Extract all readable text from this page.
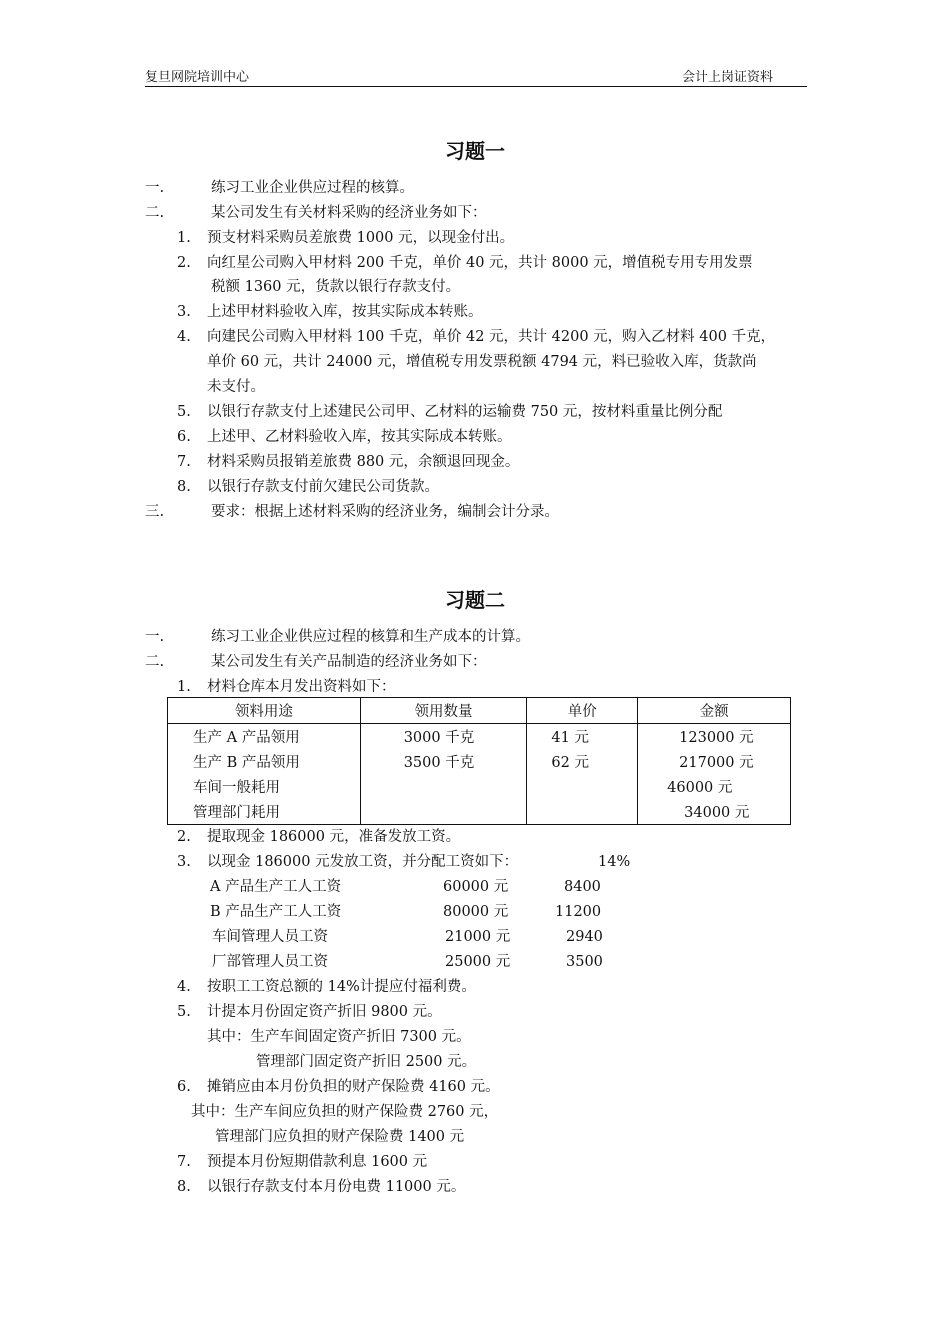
复旦网院培训中心	会计上岗证资料
习题一
一.	练习工业企业供应过程的核算。
二.	某公司发生有关材料采购的经济业务如下：
1. 预支材料采购员差旅费 1000 元，以现金付出。
2. 向红星公司购入甲材料 200 千克，单价 40 元，共计 8000 元，增值税专用专用发票
税额 1360 元，货款以银行存款支付。
3. 上述甲材料验收入库，按其实际成本转账。
4. 向建民公司购入甲材料 100 千克，单价 42 元，共计 4200 元，购入乙材料 400 千克，
单价 60 元，共计 24000 元，增值税专用发票税额 4794 元，料已验收入库，货款尚
未支付。
5. 以银行存款支付上述建民公司甲、乙材料的运输费 750 元，按材料重量比例分配
6. 上述甲、乙材料验收入库，按其实际成本转账。
7. 材料采购员报销差旅费 880 元，余额退回现金。
8. 以银行存款支付前欠建民公司货款。
三.	要求：根据上述材料采购的经济业务，编制会计分录。
习题二
一.	练习工业企业供应过程的核算和生产成本的计算。
二.	某公司发生有关产品制造的经济业务如下：
1. 材料仓库本月发出资料如下：
领料用途	领用数量	单价	金额
生产 A 产品领用	3000 千克	41 元	123000 元
生产 B 产品领用	3500 千克	62 元	217000 元
车间一般耗用			46000 元
管理部门耗用			34000 元
2. 提取现金 186000 元，准备发放工资。
3. 以现金 186000 元发放工资，并分配工资如下：	14%
A 产品生产工人工资	60000 元	8400
B 产品生产工人工资	80000 元	11200
车间管理人员工资	21000 元	2940
厂部管理人员工资	25000 元	3500
4. 按职工工资总额的 14%计提应付福利费。
5. 计提本月份固定资产折旧 9800 元。
其中：生产车间固定资产折旧 7300 元。
管理部门固定资产折旧 2500 元。
6. 摊销应由本月份负担的财产保险费 4160 元。
其中：生产车间应负担的财产保险费 2760 元，
管理部门应负担的财产保险费 1400 元
7. 预提本月份短期借款利息 1600 元
8. 以银行存款支付本月份电费 11000 元。
